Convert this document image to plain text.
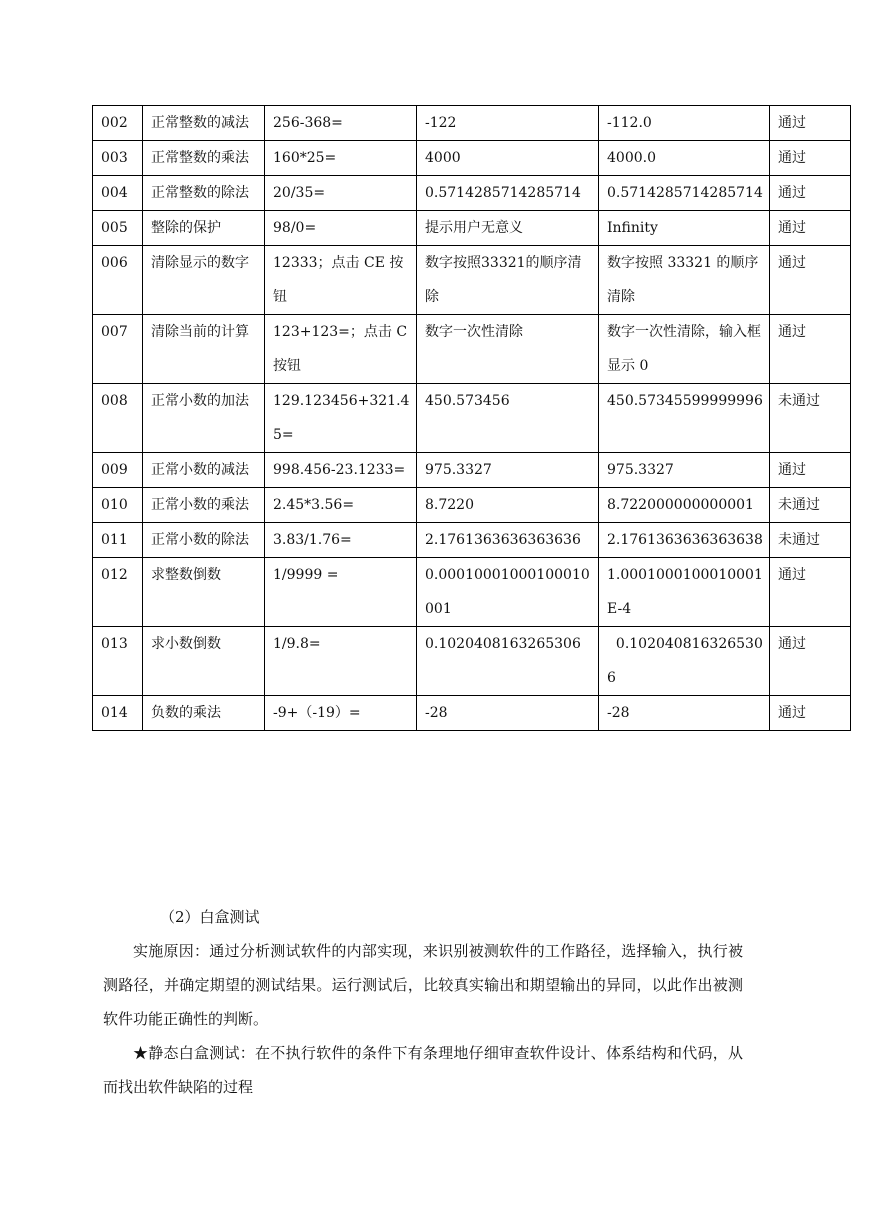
002	正常整数的减法	256-368=	-122	-112.0	通过
003	正常整数的乘法	160*25=	4000	4000.0	通过
004	正常整数的除法	20/35=	0.5714285714285714	0.5714285714285714	通过
005	整除的保护	98/0=	提示用户无意义	Infinity	通过
006	清除显示的数字	12333；点击 CE 按钮	数字按照33321的顺序清除	数字按照 33321 的顺序清除	通过
007	清除当前的计算	123+123=；点击 C 按钮	数字一次性清除	数字一次性清除，输入框显示 0	通过
008	正常小数的加法	129.123456+321.45=	450.573456	450.57345599999996	未通过
009	正常小数的减法	998.456-23.1233=	975.3327	975.3327	通过
010	正常小数的乘法	2.45*3.56=	8.7220	8.722000000000001	未通过
011	正常小数的除法	3.83/1.76=	2.1761363636363636	2.1761363636363638	未通过
012	求整数倒数	1/9999 =	0.00010001000100010001	1.0001000100010001E-4	通过
013	求小数倒数	1/9.8=	0.1020408163265306	0.1020408163265306	通过
014	负数的乘法	-9+（-19）=	-28	-28	通过
（2）白盒测试

实施原因：通过分析测试软件的内部实现，来识别被测软件的工作路径，选择输入，执行被测路径，并确定期望的测试结果。运行测试后，比较真实输出和期望输出的异同，以此作出被测软件功能正确性的判断。

★静态白盒测试：在不执行软件的条件下有条理地仔细审查软件设计、体系结构和代码，从而找出软件缺陷的过程
